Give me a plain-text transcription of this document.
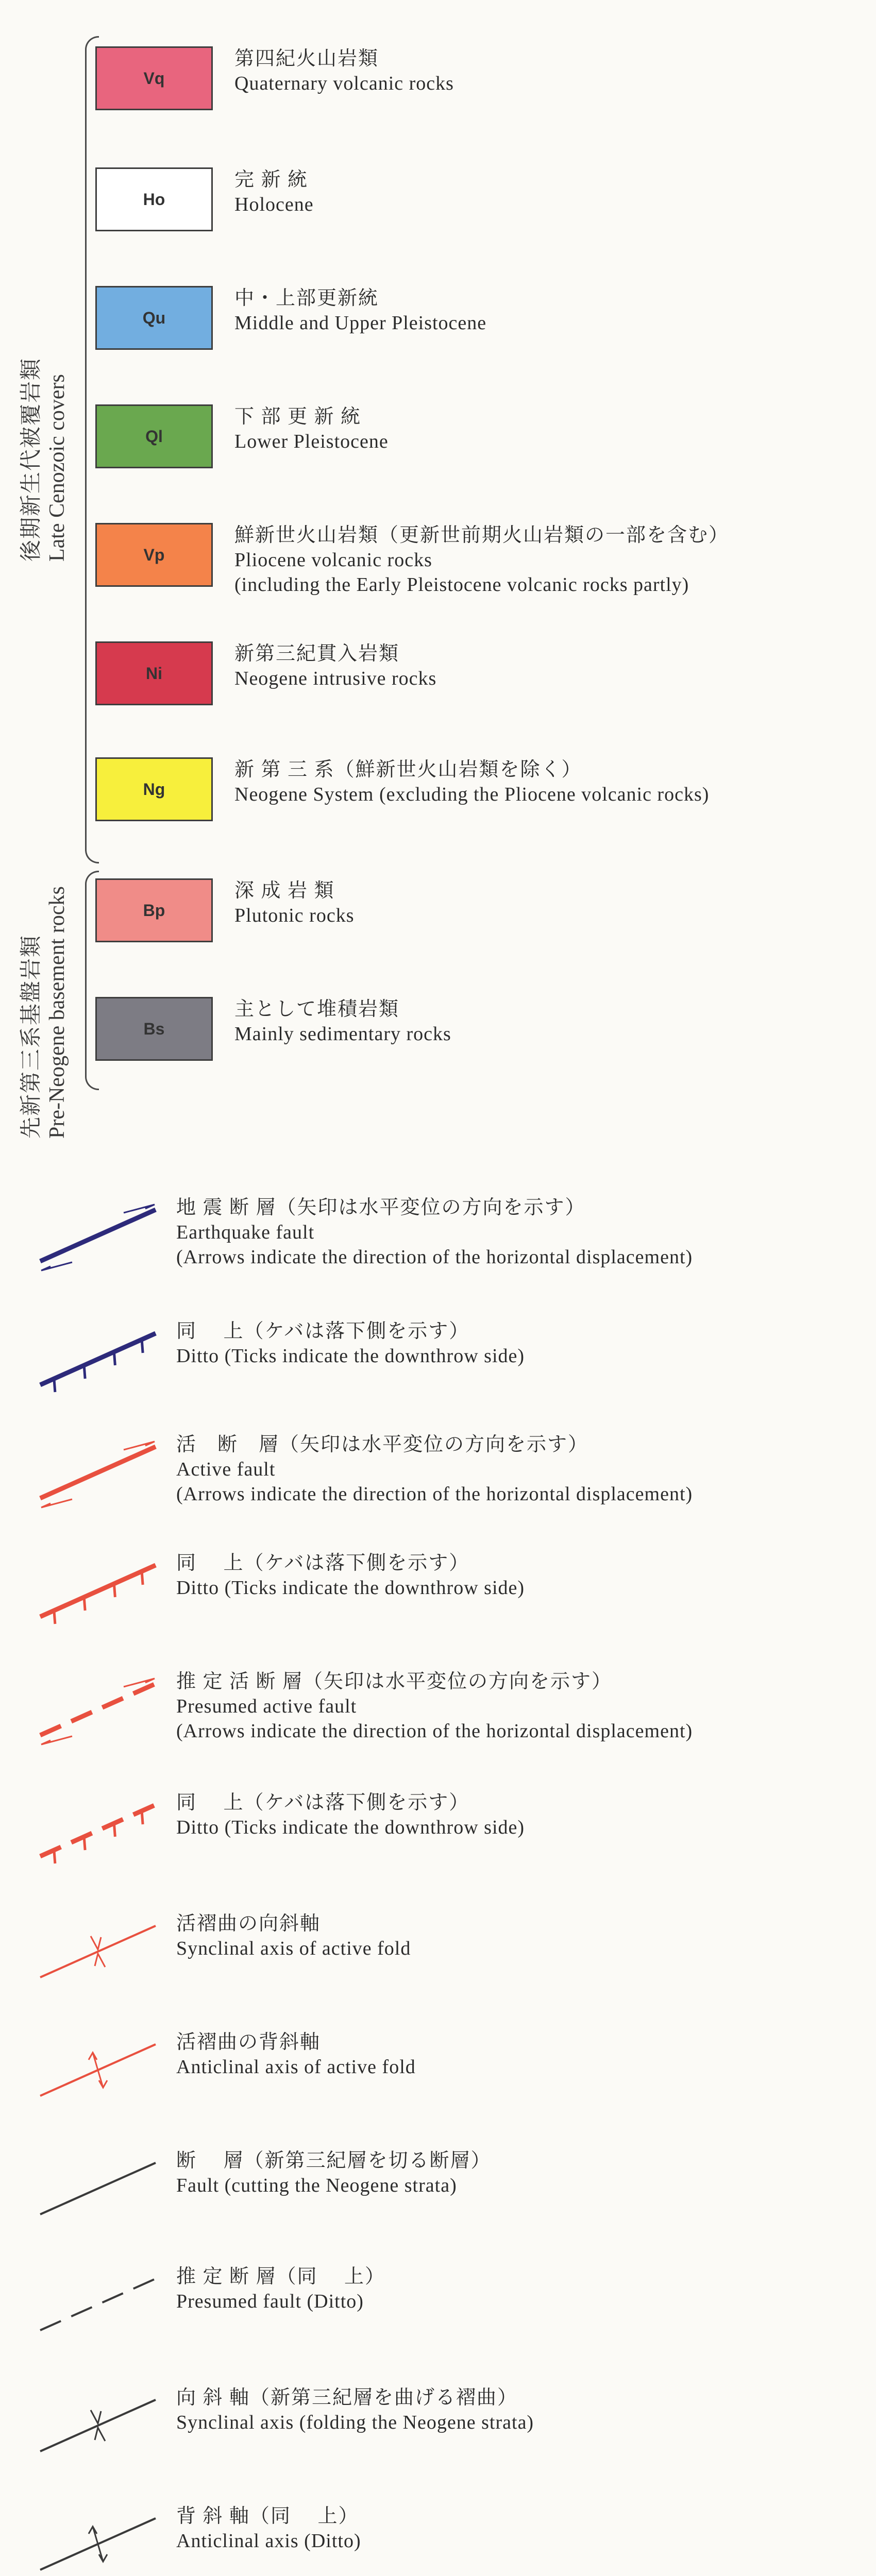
後期新生代被覆岩類 Late Cenozoic covers
先新第三系基盤岩類 Pre-Neogene basement rocks
Vq
第四紀火山岩類
Quaternary volcanic rocks
Ho
完 新 統
Holocene
Qu
中・上部更新統
Middle and Upper Pleistocene
Ql
下 部 更 新 統
Lower Pleistocene
Vp
鮮新世火山岩類（更新世前期火山岩類の一部を含む）
Pliocene volcanic rocks
(including the Early Pleistocene volcanic rocks partly)
Ni
新第三紀貫入岩類
Neogene intrusive rocks
Ng
新 第 三 系（鮮新世火山岩類を除く）
Neogene System (excluding the Pliocene volcanic rocks)
Bp
深 成 岩 類
Plutonic rocks
Bs
主として堆積岩類
Mainly sedimentary rocks
地 震 断 層（矢印は水平変位の方向を示す）
Earthquake fault
(Arrows indicate the direction of the horizontal displacement)
同　 上（ケバは落下側を示す）
Ditto (Ticks indicate the downthrow side)
活　断　層（矢印は水平変位の方向を示す）
Active fault
(Arrows indicate the direction of the horizontal displacement)
同　 上（ケバは落下側を示す）
Ditto (Ticks indicate the downthrow side)
推 定 活 断 層（矢印は水平変位の方向を示す）
Presumed active fault
(Arrows indicate the direction of the horizontal displacement)
同　 上（ケバは落下側を示す）
Ditto (Ticks indicate the downthrow side)
活褶曲の向斜軸
Synclinal axis of active fold
活褶曲の背斜軸
Anticlinal axis of active fold
断　 層（新第三紀層を切る断層）
Fault (cutting the Neogene strata)
推 定 断 層（同　 上）
Presumed fault (Ditto)
向 斜 軸（新第三紀層を曲げる褶曲）
Synclinal axis (folding the Neogene strata)
背 斜 軸（同　 上）
Anticlinal axis (Ditto)
